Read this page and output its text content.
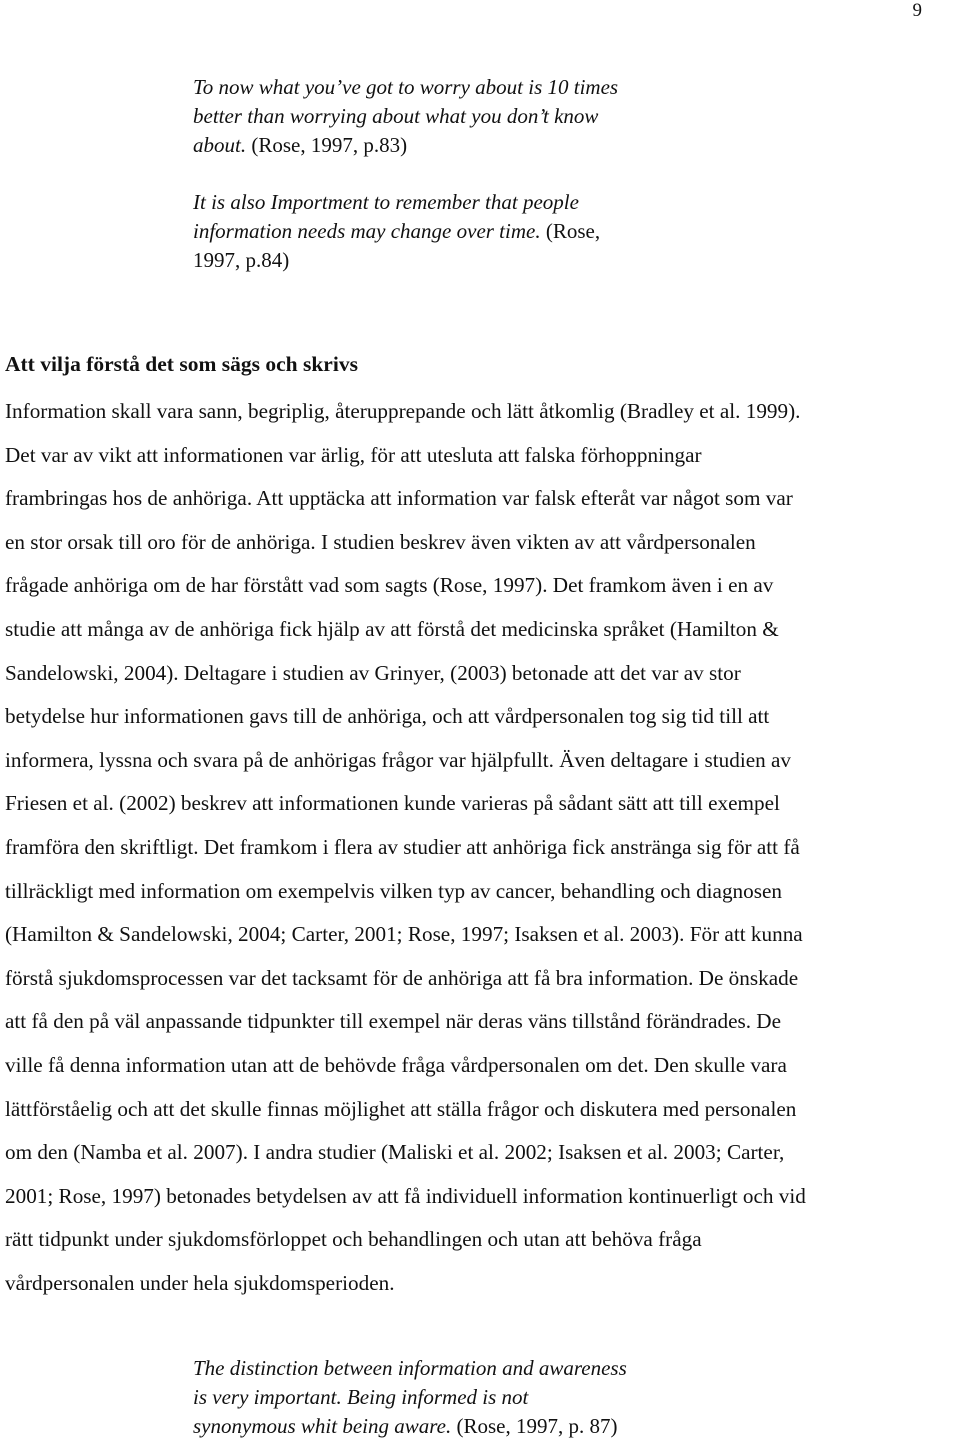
9
To now what you’ve got to worry about is 10 times
better than worrying about what you don’t know
about. (Rose, 1997, p.83)
It is also Importment to remember that people
information needs may change over time. (Rose,
1997, p.84)
Att vilja förstå det som sägs och skrivs

Information skall vara sann, begriplig, återupprepande och lätt åtkomlig (Bradley et al. 1999).
Det var av vikt att informationen var ärlig, för att utesluta att falska förhoppningar
frambringas hos de anhöriga. Att upptäcka att information var falsk efteråt var något som var
en stor orsak till oro för de anhöriga. I studien beskrev även vikten av att vårdpersonalen
frågade anhöriga om de har förstått vad som sagts (Rose, 1997). Det framkom även i en av
studie att många av de anhöriga fick hjälp av att förstå det medicinska språket (Hamilton &
Sandelowski, 2004). Deltagare i studien av Grinyer, (2003) betonade att det var av stor
betydelse hur informationen gavs till de anhöriga, och att vårdpersonalen tog sig tid till att
informera, lyssna och svara på de anhörigas frågor var hjälpfullt. Även deltagare i studien av
Friesen et al. (2002) beskrev att informationen kunde varieras på sådant sätt att till exempel
framföra den skriftligt. Det framkom i flera av studier att anhöriga fick anstränga sig för att få
tillräckligt med information om exempelvis vilken typ av cancer, behandling och diagnosen
(Hamilton & Sandelowski, 2004; Carter, 2001; Rose, 1997; Isaksen et al. 2003). För att kunna
förstå sjukdomsprocessen var det tacksamt för de anhöriga att få bra information. De önskade
att få den på väl anpassande tidpunkter till exempel när deras väns tillstånd förändrades. De
ville få denna information utan att de behövde fråga vårdpersonalen om det. Den skulle vara
lättförståelig och att det skulle finnas möjlighet att ställa frågor och diskutera med personalen
om den (Namba et al. 2007). I andra studier (Maliski et al. 2002; Isaksen et al. 2003; Carter,
2001; Rose, 1997) betonades betydelsen av att få individuell information kontinuerligt och vid
rätt tidpunkt under sjukdomsförloppet och behandlingen och utan att behöva fråga
vårdpersonalen under hela sjukdomsperioden.

The distinction between information and awareness
is very important. Being informed is not
synonymous whit being aware. (Rose, 1997, p. 87)
